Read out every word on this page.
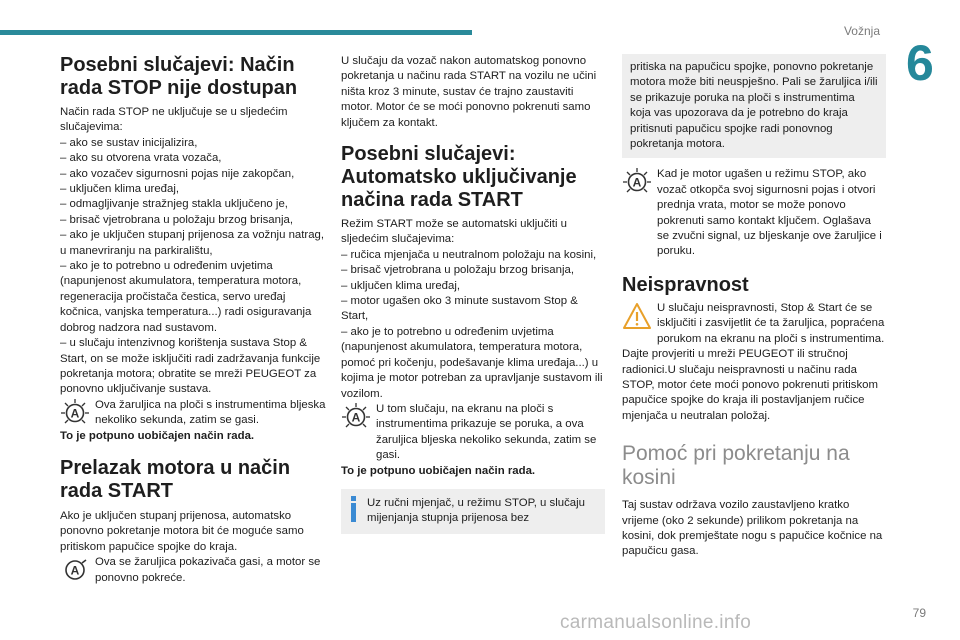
Vožnja
6
Posebni slučajevi: Način rada STOP nije dostupan

Način rada STOP ne uključuje se u sljedećim slučajevima:

– ako se sustav inicijalizira,
– ako su otvorena vrata vozača,
– ako vozačev sigurnosni pojas nije zakopčan,
– uključen klima uređaj,
– odmagljivanje stražnjeg stakla uključeno je,
– brisač vjetrobrana u položaju brzog brisanja,
– ako je uključen stupanj prijenosa za vožnju natrag, u manevriranju na parkiralištu,
– ako je to potrebno u određenim uvjetima (napunjenost akumulatora, temperatura motora, regeneracija pročistača čestica, servo uređaj kočnica, vanjska temperatura...) radi osiguravanja dobrog nadzora nad sustavom.
– u slučaju intenzivnog korištenja sustava Stop & Start, on se može isključiti radi zadržavanja funkcije pokretanja motora; obratite se mreži PEUGEOT za ponovno uključivanje sustava.
A

Ova žaruljica na ploči s instrumentima bljeska nekoliko sekunda, zatim se gasi.

To je potpuno uobičajen način rada.

Prelazak motora u način rada START

Ako je uključen stupanj prijenosa, automatsko ponovno pokretanje motora bit će moguće samo pritiskom papučice spojke do kraja.

A

Ova se žaruljica pokazivača gasi, a motor se ponovno pokreće.

U slučaju da vozač nakon automatskog ponovno pokretanja u načinu rada START na vozilu ne učini ništa kroz 3 minute, sustav će trajno zaustaviti motor. Motor će se moći ponovno pokrenuti samo ključem za kontakt.

Posebni slučajevi: Automatsko uključivanje načina rada START

Režim START može se automatski uključiti u sljedećim slučajevima:

– ručica mjenjača u neutralnom položaju na kosini,
– brisač vjetrobrana u položaju brzog brisanja,
– uključen klima uređaj,
– motor ugašen oko 3 minute sustavom Stop & Start,
– ako je to potrebno u određenim uvjetima (napunjenost akumulatora, temperatura motora, pomoć pri kočenju, podešavanje klima uređaja...) u kojima je motor potreban za upravljanje sustavom ili vozilom.
A

U tom slučaju, na ekranu na ploči s instrumentima prikazuje se poruka, a ova žaruljica bljeska nekoliko sekunda, zatim se gasi.

To je potpuno uobičajen način rada.

Uz ručni mjenjač, u režimu STOP, u slučaju mijenjanja stupnja prijenosa bez

pritiska na papučicu spojke, ponovno pokretanje motora može biti neuspješno. Pali se žaruljica i/ili se prikazuje poruka na ploči s instrumentima koja vas upozorava da je potrebno do kraja pritisnuti papučicu spojke radi ponovnog pokretanja motora.

A

Kad je motor ugašen u režimu STOP, ako vozač otkopča svoj sigurnosni pojas i otvori prednja vrata, motor se može ponovo pokrenuti samo kontakt ključem. Oglašava se zvučni signal, uz bljeskanje ove žaruljice i poruku.

Neispravnost

U slučaju neispravnosti, Stop & Start će se isključiti i zasvijetlit će ta žaruljica, popraćena porukom na ekranu na ploči s instrumentima.

Dajte provjeriti u mreži PEUGEOT ili stručnoj radionici.U slučaju neispravnosti u načinu rada STOP, motor ćete moći ponovo pokrenuti pritiskom papučice spojke do kraja ili postavljanjem ručice mjenjača u neutralan položaj.

Pomoć pri pokretanju na kosini

Taj sustav održava vozilo zaustavljeno kratko vrijeme (oko 2 sekunde) prilikom pokretanja na kosini, dok premještate nogu s papučice kočnice na papučicu gasa.

carmanualsonline.info	79
